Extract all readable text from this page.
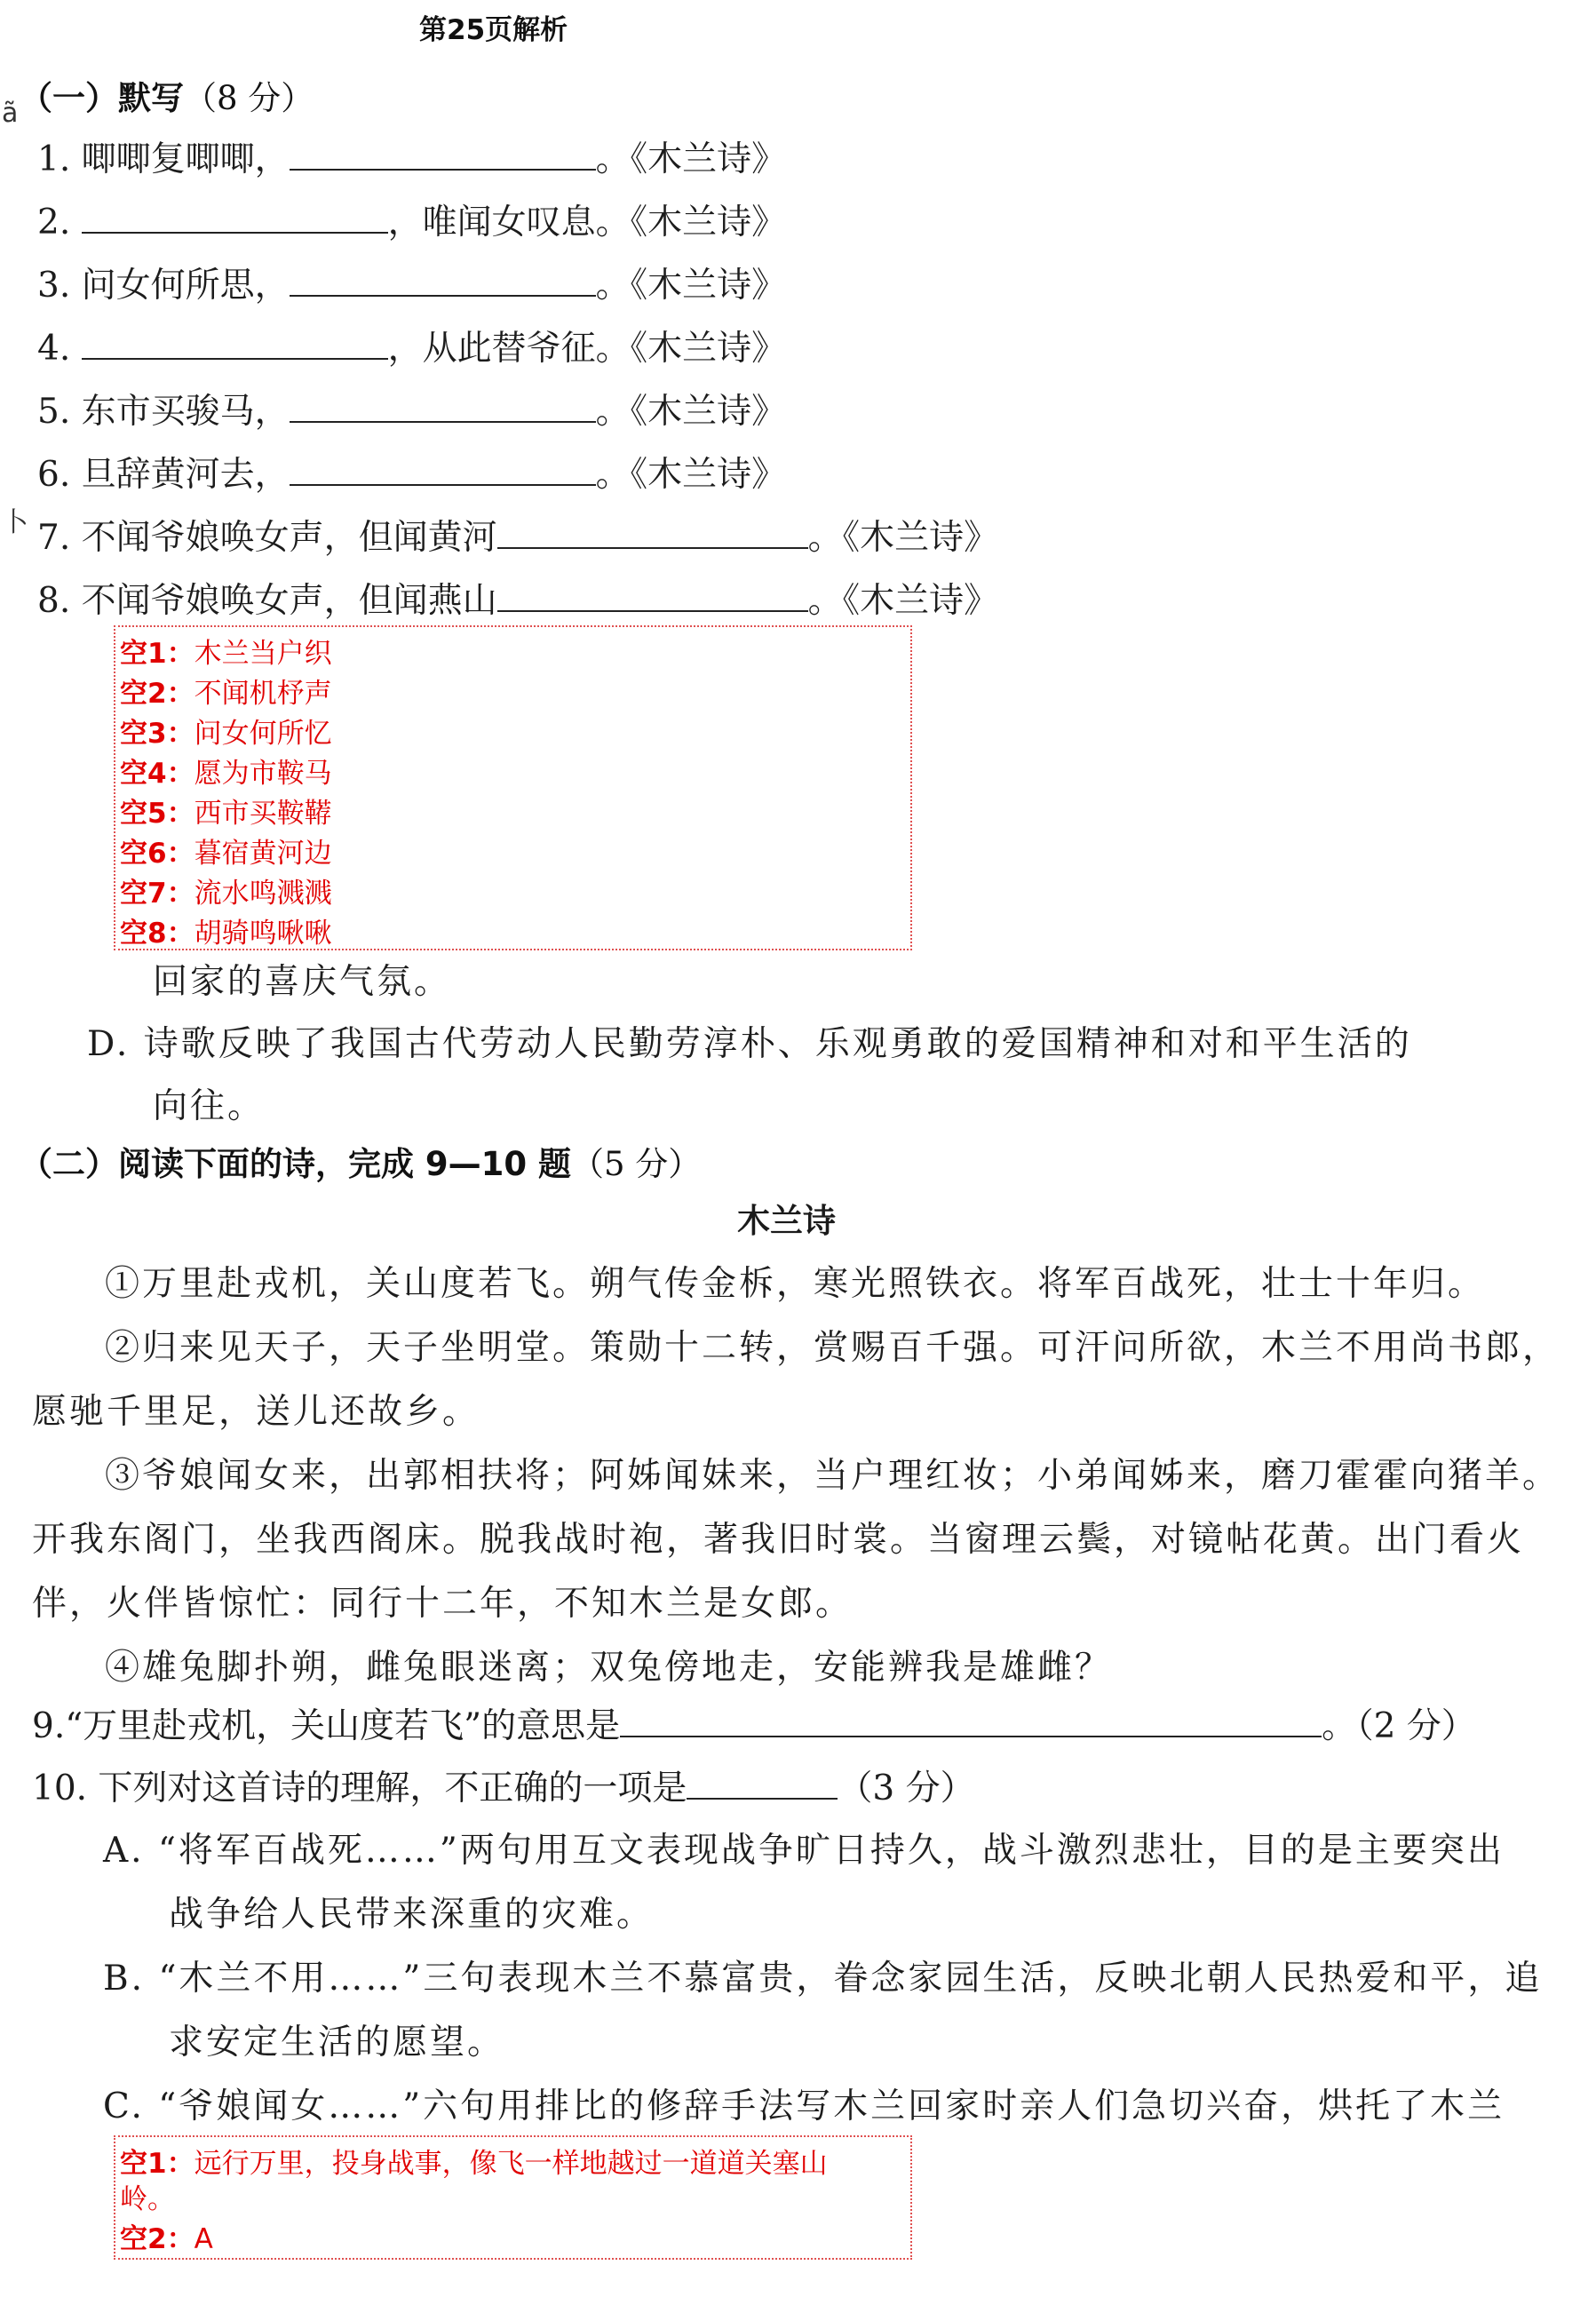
第25页解析
ã
卜
（一）默写（8 分）
1. 唧唧复唧唧，	。《木兰诗》
2.	，唯闻女叹息。《木兰诗》
3. 问女何所思，	。《木兰诗》
4.	，从此替爷征。《木兰诗》
5. 东市买骏马，	。《木兰诗》
6. 旦辞黄河去，	。《木兰诗》
7. 不闻爷娘唤女声，但闻黄河	。《木兰诗》
8. 不闻爷娘唤女声，但闻燕山	。《木兰诗》
空1：木兰当户织
空2：不闻机杼声
空3：问女何所忆
空4：愿为市鞍马
空5：西市买鞍鞯
空6：暮宿黄河边
空7：流水鸣溅溅
空8：胡骑鸣啾啾
回家的喜庆气氛。
D. 诗歌反映了我国古代劳动人民勤劳淳朴、乐观勇敢的爱国精神和对和平生活的
向往。
（二）阅读下面的诗，完成 9—10 题（5 分）
木兰诗
①万里赴戎机，关山度若飞。朔气传金柝，寒光照铁衣。将军百战死，壮士十年归。
②归来见天子，天子坐明堂。策勋十二转，赏赐百千强。可汗问所欲，木兰不用尚书郎，
愿驰千里足，送儿还故乡。
③爷娘闻女来，出郭相扶将；阿姊闻妹来，当户理红妆；小弟闻姊来，磨刀霍霍向猪羊。
开我东阁门，坐我西阁床。脱我战时袍，著我旧时裳。当窗理云鬓，对镜帖花黄。出门看火
伴，火伴皆惊忙：同行十二年，不知木兰是女郎。
④雄兔脚扑朔，雌兔眼迷离；双兔傍地走，安能辨我是雄雌？
9.“万里赴戎机，关山度若飞”的意思是	。（2 分）
10. 下列对这首诗的理解，不正确的一项是	（3 分）
A. “将军百战死……”两句用互文表现战争旷日持久，战斗激烈悲壮，目的是主要突出
战争给人民带来深重的灾难。
B. “木兰不用……”三句表现木兰不慕富贵，眷念家园生活，反映北朝人民热爱和平，追
求安定生活的愿望。
C. “爷娘闻女……”六句用排比的修辞手法写木兰回家时亲人们急切兴奋，烘托了木兰
空1：远行万里，投身战事，像飞一样地越过一道道关塞山
岭。
空2：A
